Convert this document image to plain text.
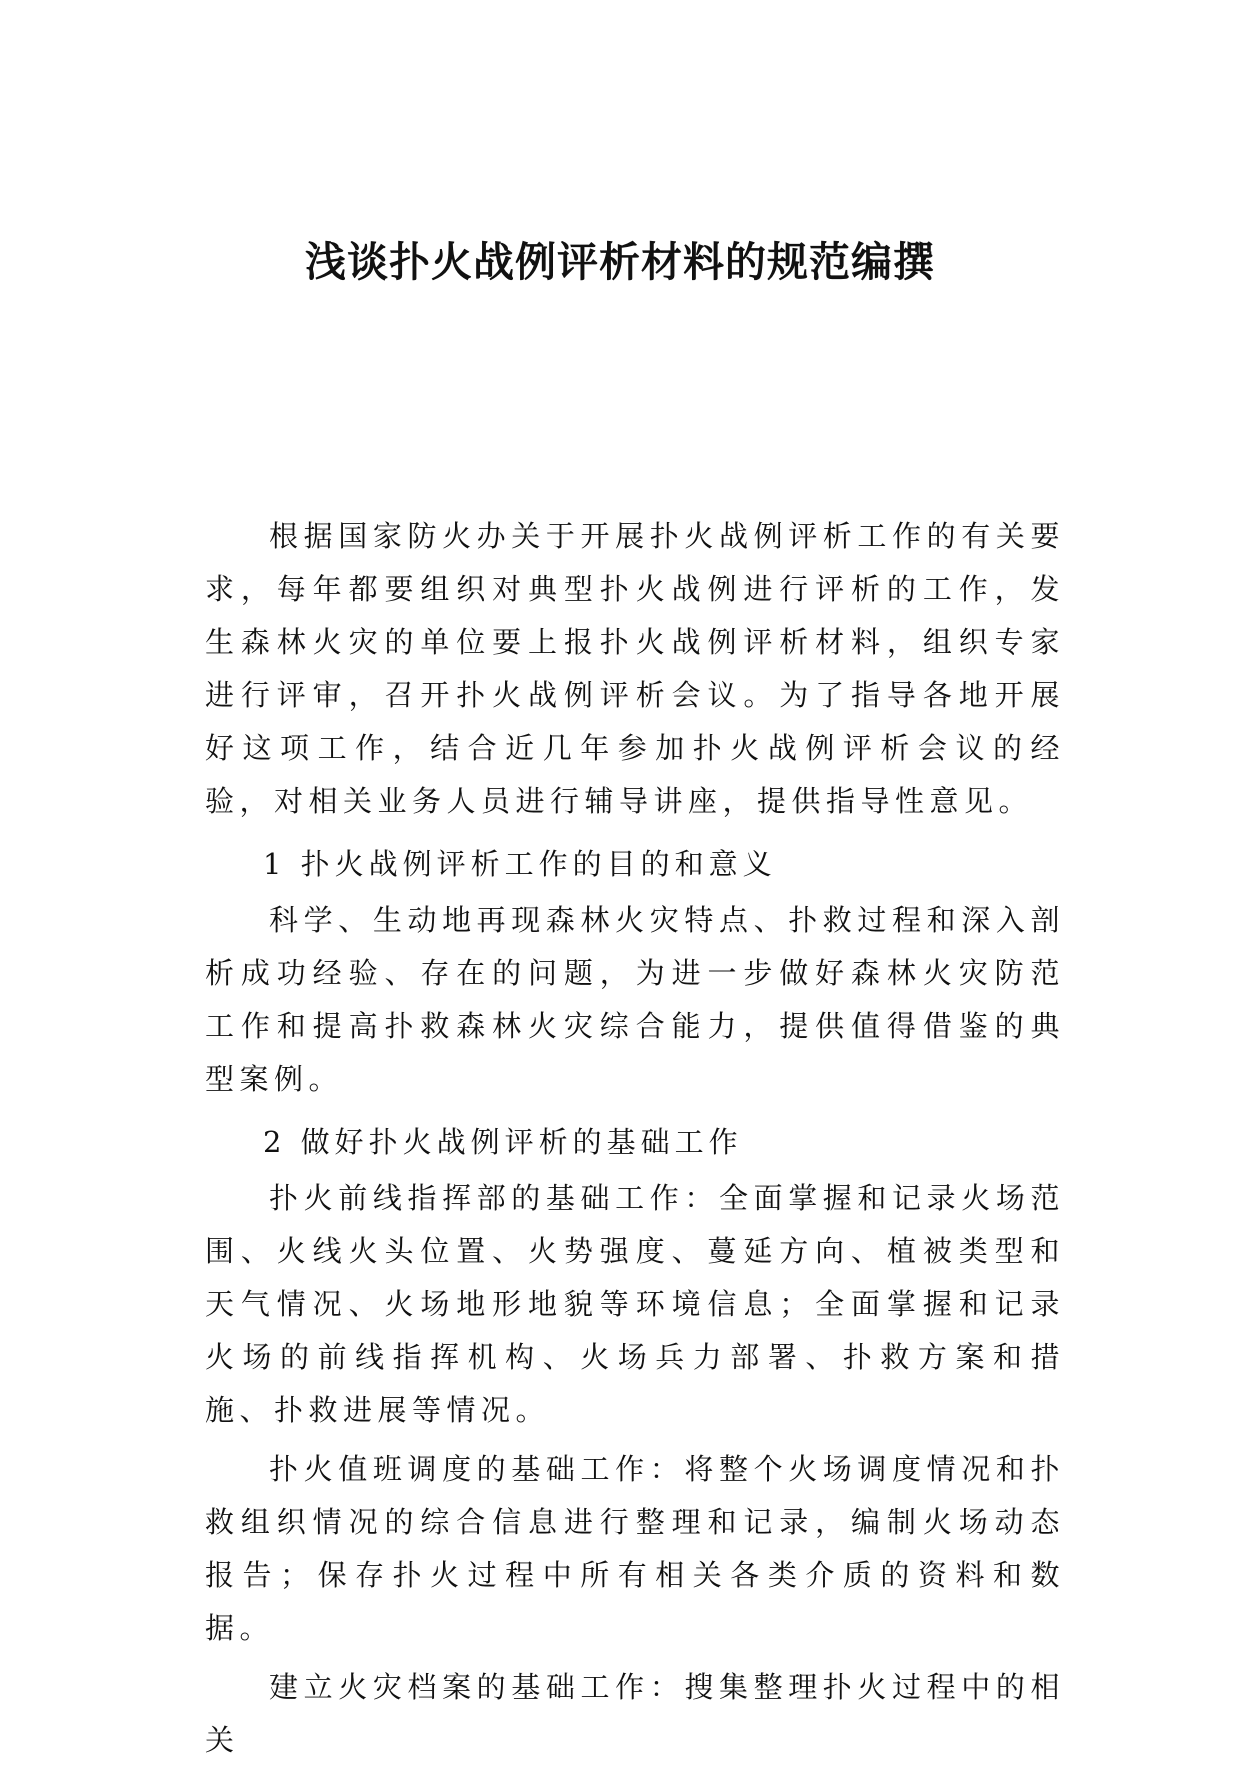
浅谈扑火战例评析材料的规范编撰

根据国家防火办关于开展扑火战例评析工作的有关要求，每年都要组织对典型扑火战例进行评析的工作，发生森林火灾的单位要上报扑火战例评析材料，组织专家进行评审，召开扑火战例评析会议。为了指导各地开展好这项工作，结合近几年参加扑火战例评析会议的经验，对相关业务人员进行辅导讲座，提供指导性意见。

1 扑火战例评析工作的目的和意义

科学、生动地再现森林火灾特点、扑救过程和深入剖析成功经验、存在的问题，为进一步做好森林火灾防范工作和提高扑救森林火灾综合能力，提供值得借鉴的典型案例。

2 做好扑火战例评析的基础工作

扑火前线指挥部的基础工作：全面掌握和记录火场范围、火线火头位置、火势强度、蔓延方向、植被类型和天气情况、火场地形地貌等环境信息；全面掌握和记录火场的前线指挥机构、火场兵力部署、扑救方案和措施、扑救进展等情况。

扑火值班调度的基础工作：将整个火场调度情况和扑救组织情况的综合信息进行整理和记录，编制火场动态报告；保存扑火过程中所有相关各类介质的资料和数据。

建立火灾档案的基础工作：搜集整理扑火过程中的相关
